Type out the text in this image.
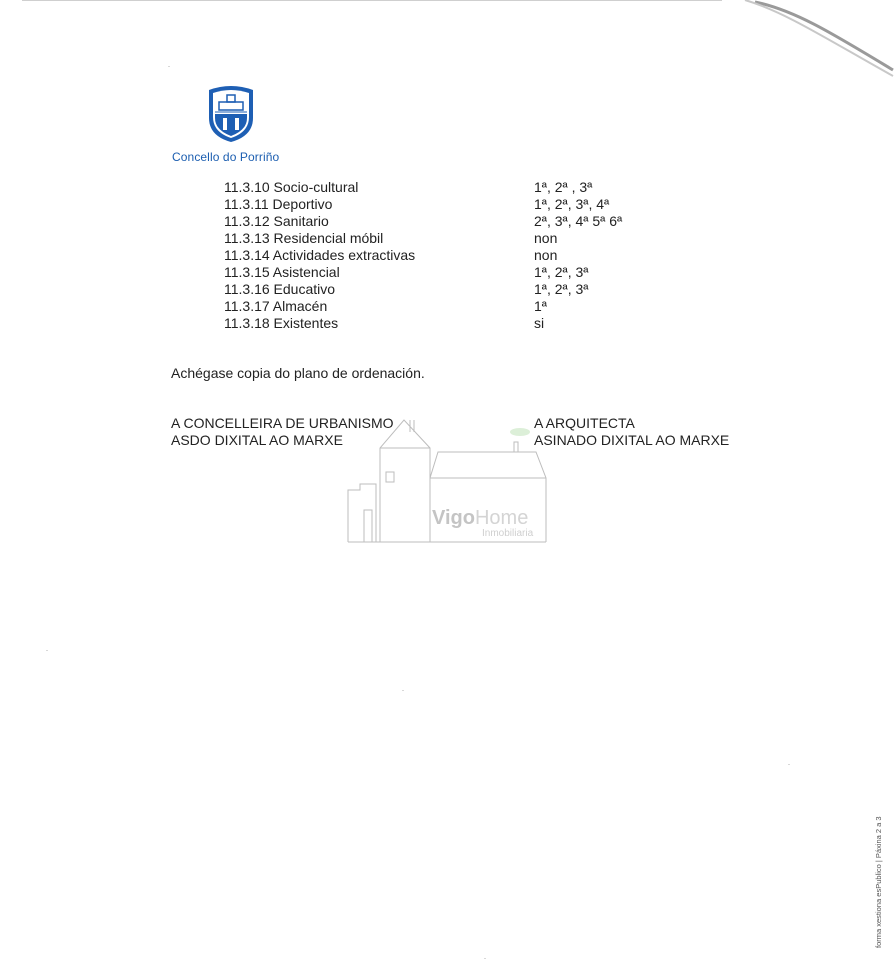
Concello do Porriño
11.3.10 Socio-cultural	1ª, 2ª , 3ª
11.3.11 Deportivo	1ª, 2ª, 3ª, 4ª
11.3.12 Sanitario	2ª, 3ª, 4ª 5ª 6ª
11.3.13 Residencial móbil	non
11.3.14 Actividades extractivas	non
11.3.15 Asistencial	1ª, 2ª, 3ª
11.3.16 Educativo	1ª, 2ª, 3ª
11.3.17 Almacén	1ª
11.3.18 Existentes	si
Achégase copia do plano de ordenación.
VigoHome
Inmobiliaria
A CONCELLEIRA DE URBANISMO
ASDO DIXITAL AO MARXE
A ARQUITECTA
ASINADO DIXITAL AO MARXE
forma xestiona esPublico | Páxina 2 a 3
